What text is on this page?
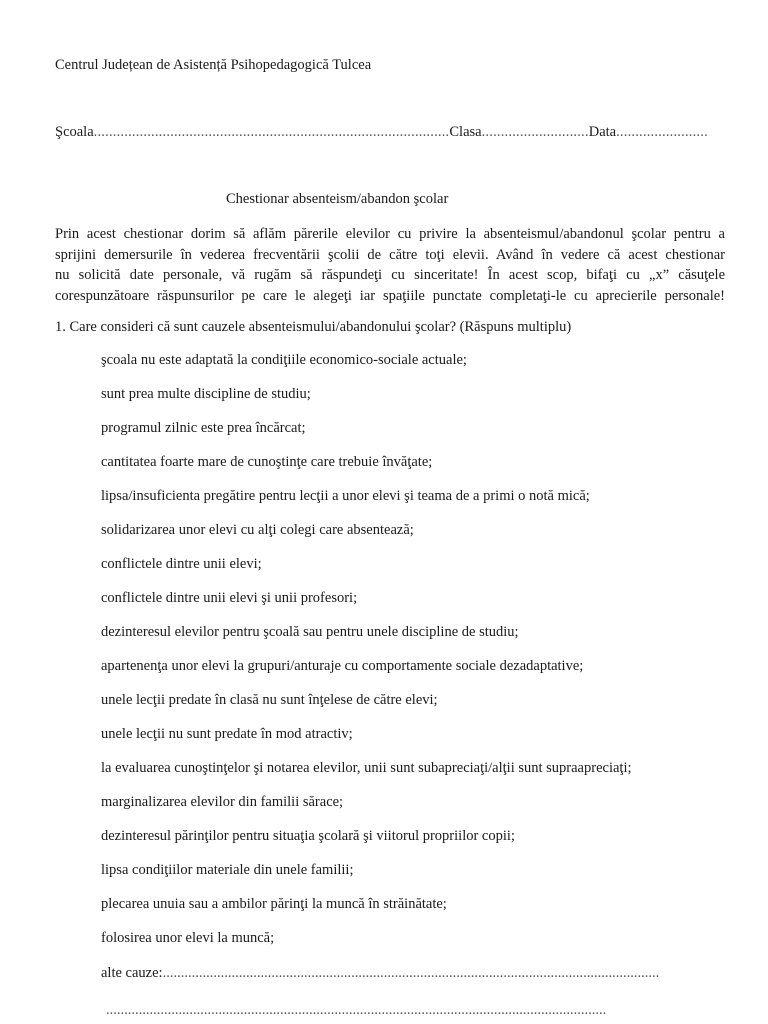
Centrul Județean de Asistență Psihopedagogică Tulcea
Şcoala ............................................................................................. Clasa ............................ Data ........................
Chestionar absenteism/abandon şcolar
Prin acest chestionar dorim să aflăm părerile elevilor cu privire la absenteismul/abandonul şcolar pentru a
sprijini demersurile în vederea frecventării şcolii de către toţi elevii. Având în vedere că acest chestionar
nu solicită date personale, vă rugăm să răspundeţi cu sinceritate! În acest scop, bifaţi cu „x” căsuţele
corespunzătoare răspunsurilor pe care le alegeţi iar spaţiile punctate completaţi-le cu aprecierile personale!
1. Care consideri că sunt cauzele absenteismului/abandonului şcolar? (Răspuns multiplu)
şcoala nu este adaptată la condiţiile economico-sociale actuale;
sunt prea multe discipline de studiu;
programul zilnic este prea încărcat;
cantitatea foarte mare de cunoştinţe care trebuie învăţate;
lipsa/insuficienta pregătire pentru lecţii a unor elevi şi teama de a primi o notă mică;
solidarizarea unor elevi cu alţi colegi care absentează;
conflictele dintre unii elevi;
conflictele dintre unii elevi şi unii profesori;
dezinteresul elevilor pentru şcoală sau pentru unele discipline de studiu;
apartenenţa unor elevi la grupuri/anturaje cu comportamente sociale dezadaptative;
unele lecţii predate în clasă nu sunt înţelese de către elevi;
unele lecţii nu sunt predate în mod atractiv;
la evaluarea cunoştinţelor şi notarea elevilor, unii sunt subapreciaţi/alţii sunt supraapreciaţi;
marginalizarea elevilor din familii sărace;
dezinteresul părinţilor pentru situaţia şcolară şi viitorul propriilor copii;
lipsa condiţiilor materiale din unele familii;
plecarea unuia sau a ambilor părinţi la muncă în străinătate;
folosirea unor elevi la muncă;
alte cauze:.........................................................................................................................................
..........................................................................................................................................
